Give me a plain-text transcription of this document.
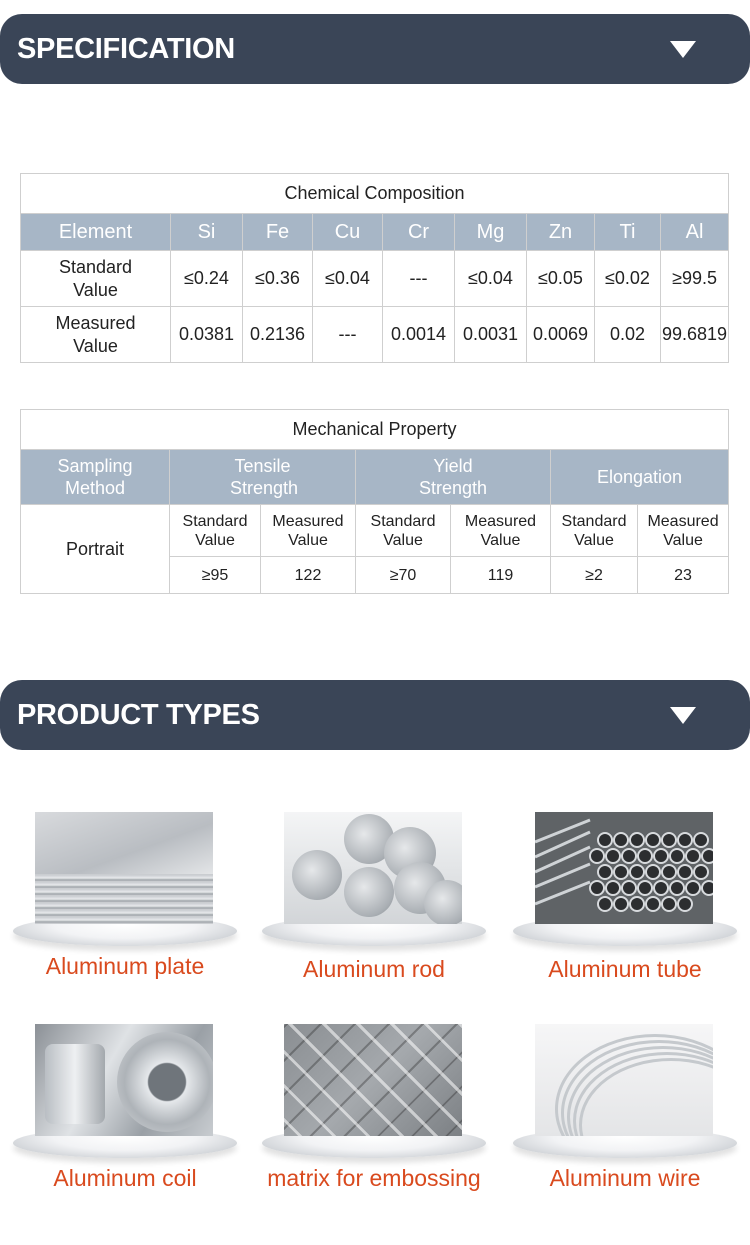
SPECIFICATION
Chemical Composition								
Element	Si	Fe	Cu	Cr	Mg	Zn	Ti	Al
Standard Value	≤0.24	≤0.36	≤0.04	---	≤0.04	≤0.05	≤0.02	≥99.5
Measured Value	0.0381	0.2136	---	0.0014	0.0031	0.0069	0.02	99.6819
Mechanical Property						
Sampling Method	Tensile Strength		Yield Strength		Elongation	
Portrait	Standard Value	Measured Value	Standard Value	Measured Value	Standard Value	Measured Value
	≥95	122	≥70	119	≥2	23
PRODUCT TYPES
Aluminum plate	Aluminum rod	Aluminum tube
Aluminum coil	matrix for embossing	Aluminum wire
